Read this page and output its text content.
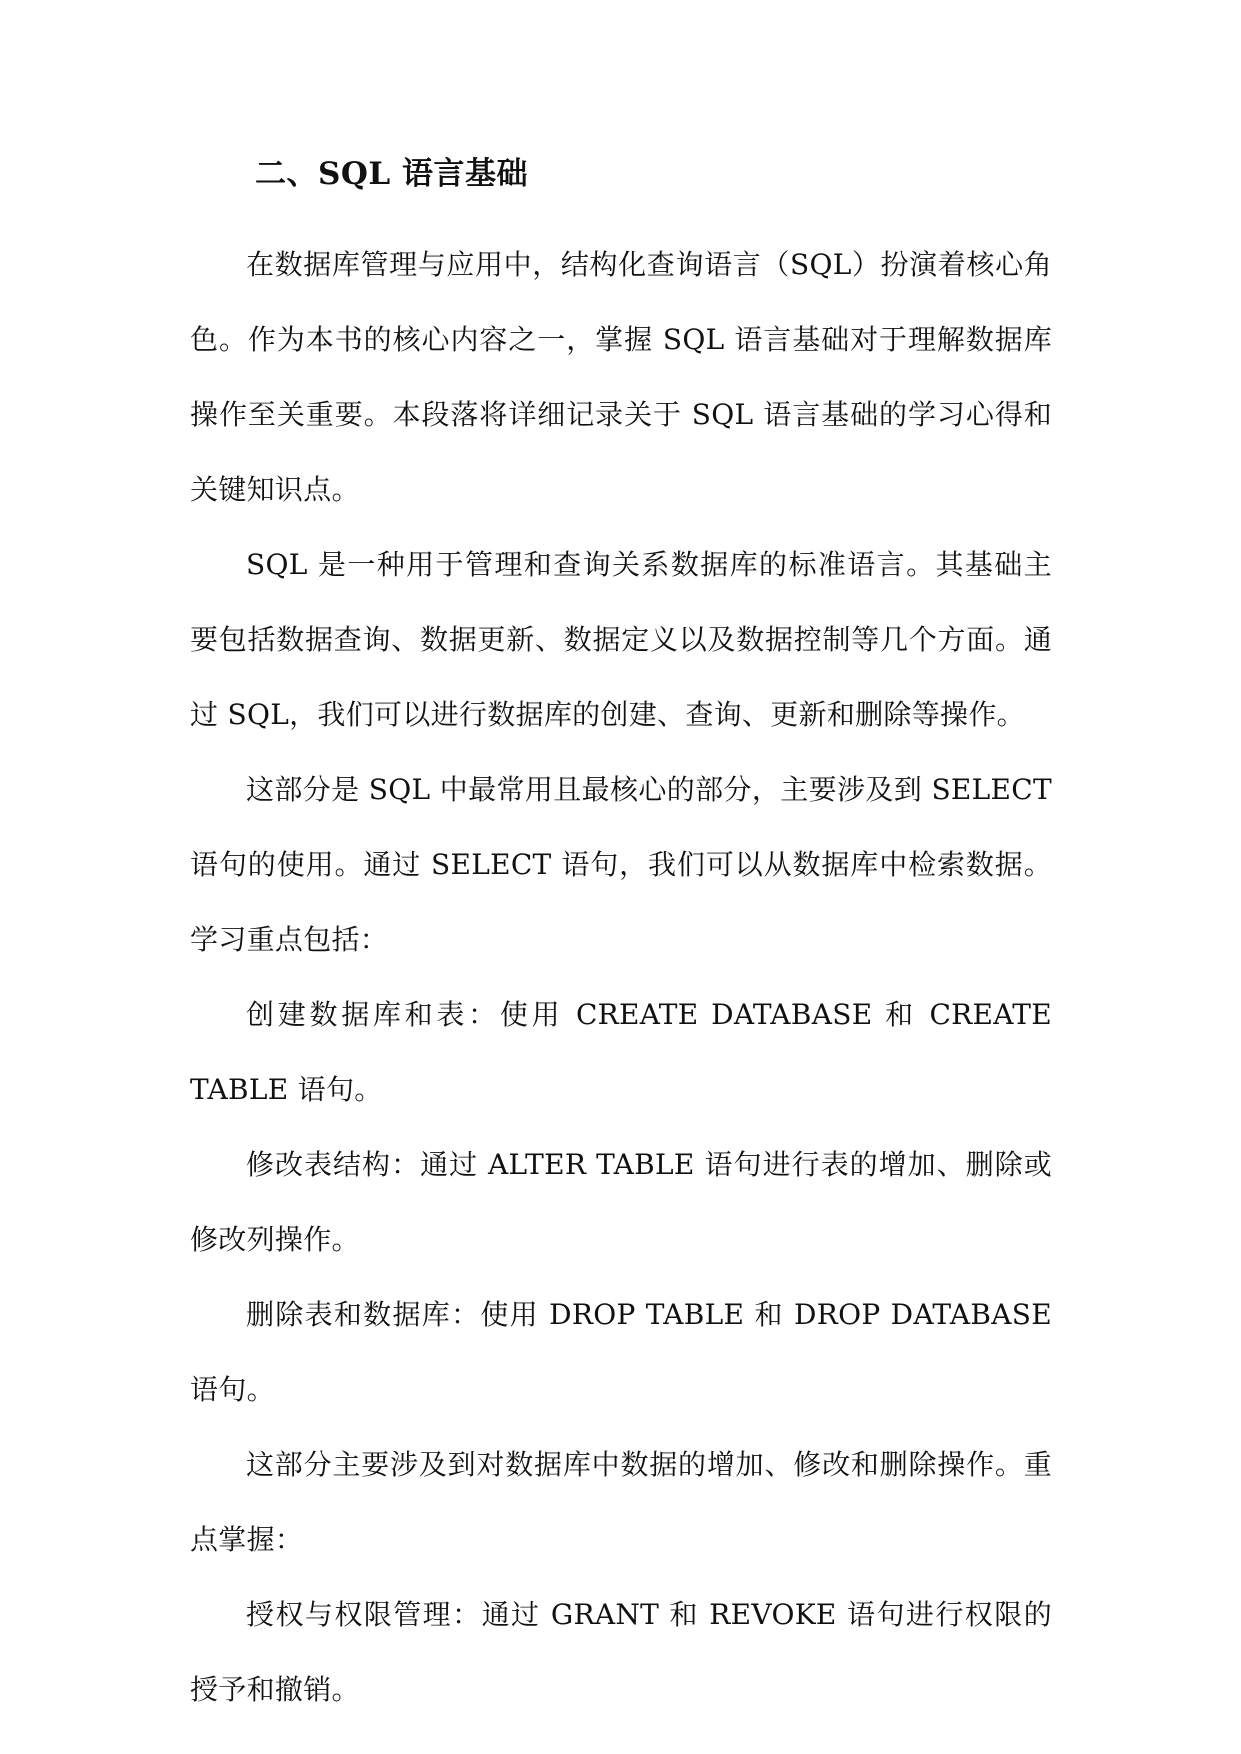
二、SQL 语言基础

在数据库管理与应用中，结构化查询语言（SQL）扮演着核心角色。作为本书的核心内容之一，掌握 SQL 语言基础对于理解数据库操作至关重要。本段落将详细记录关于 SQL 语言基础的学习心得和关键知识点。

SQL 是一种用于管理和查询关系数据库的标准语言。其基础主要包括数据查询、数据更新、数据定义以及数据控制等几个方面。通过 SQL，我们可以进行数据库的创建、查询、更新和删除等操作。

这部分是 SQL 中最常用且最核心的部分，主要涉及到 SELECT 语句的使用。通过 SELECT 语句，我们可以从数据库中检索数据。学习重点包括：

创建数据库和表：使用 CREATE DATABASE 和 CREATE TABLE 语句。

修改表结构：通过 ALTER TABLE 语句进行表的增加、删除或修改列操作。

删除表和数据库：使用 DROP TABLE 和 DROP DATABASE 语句。

这部分主要涉及到对数据库中数据的增加、修改和删除操作。重点掌握：

授权与权限管理：通过 GRANT 和 REVOKE 语句进行权限的授予和撤销。
